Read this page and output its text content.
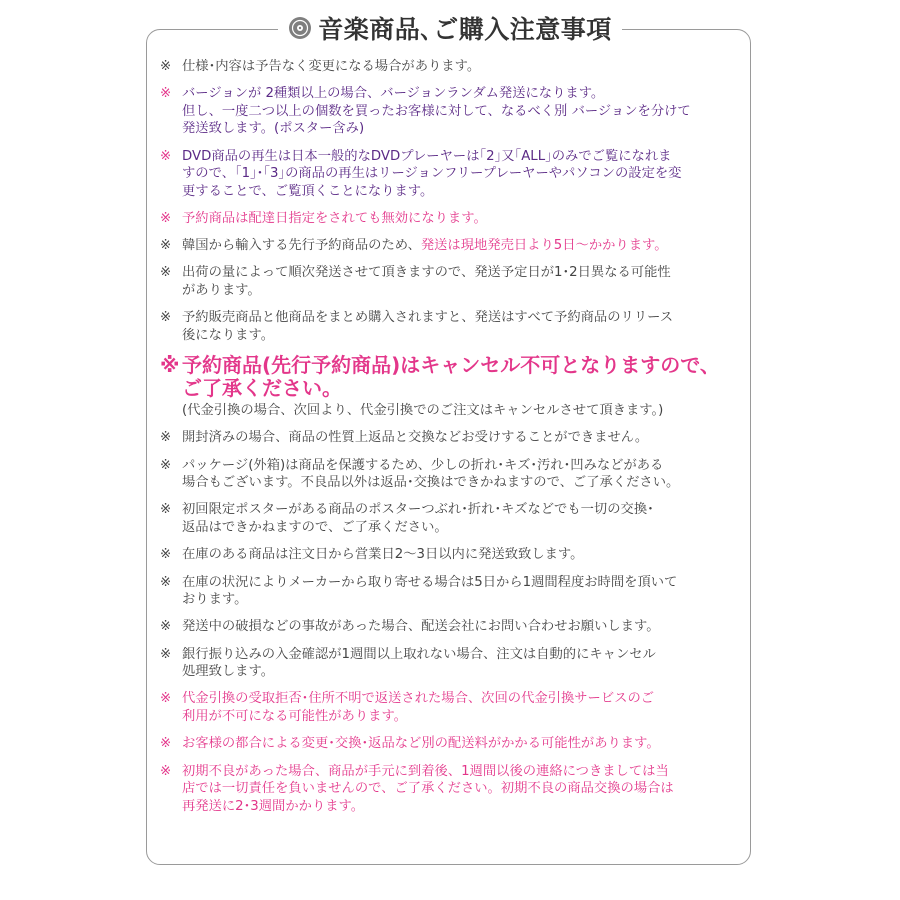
音楽商品､ご購入注意事項
※ 仕様･内容は予告なく変更になる場合があります。
※ バージョンが 2種類以上の場合、バージョンランダム発送になります。
但し、一度二つ以上の個数を買ったお客様に対して、なるべく別 バージョンを分けて
発送致します。(ポスター含み)
※ DVD商品の再生は日本一般的なDVDプレーヤーは｢2｣又｢ALL｣のみでご覧になれま
すので、｢1｣･｢3｣の商品の再生はリージョンフリープレーヤーやパソコンの設定を変
更することで、ご覧頂くことになります。
※ 予約商品は配達日指定をされても無効になります。
※ 韓国から輸入する先行予約商品のため、発送は現地発売日より5日～かかります。
※ 出荷の量によって順次発送させて頂きますので、発送予定日が1･2日異なる可能性
があります。
※ 予約販売商品と他商品をまとめ購入されますと、発送はすべて予約商品のリリース
後になります。
※ 予約商品(先行予約商品)はキャンセル不可となりますので、
ご了承ください。
(代金引換の場合、次回より、代金引換でのご注文はキャンセルさせて頂きます。)
※ 開封済みの場合、商品の性質上返品と交換などお受けすることができません。
※ パッケージ(外箱)は商品を保護するため、少しの折れ･キズ･汚れ･凹みなどがある
場合もございます。不良品以外は返品･交換はできかねますので、ご了承ください。
※ 初回限定ポスターがある商品のポスターつぶれ･折れ･キズなどでも一切の交換･
返品はできかねますので、ご了承ください。
※ 在庫のある商品は注文日から営業日2～3日以内に発送致致します。
※ 在庫の状況によりメーカーから取り寄せる場合は5日から1週間程度お時間を頂いて
おります。
※ 発送中の破損などの事故があった場合、配送会社にお問い合わせお願いします。
※ 銀行振り込みの入金確認が1週間以上取れない場合、注文は自動的にキャンセル
処理致します。
※ 代金引換の受取拒否･住所不明で返送された場合、次回の代金引換サービスのご
利用が不可になる可能性があります。
※ お客様の都合による変更･交換･返品など別の配送料がかかる可能性があります。
※ 初期不良があった場合、商品が手元に到着後、1週間以後の連絡につきましては当
店では一切責任を負いませんので、ご了承ください。初期不良の商品交換の場合は
再発送に2･3週間かかります。
